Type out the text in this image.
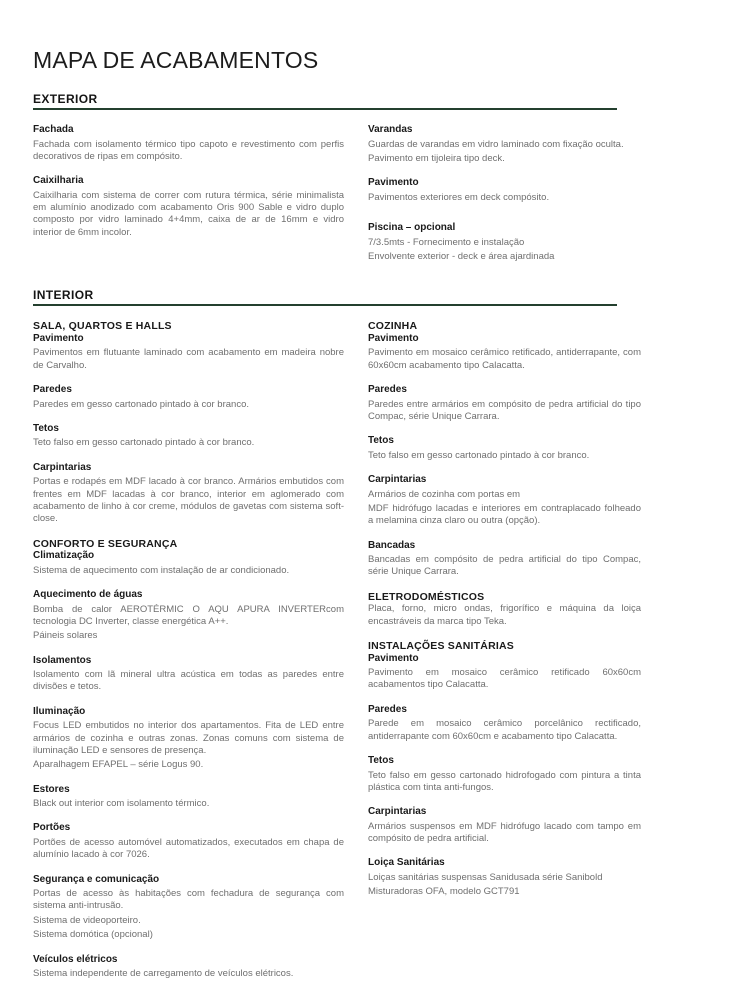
MAPA DE ACABAMENTOS
EXTERIOR
Fachada

Fachada com isolamento térmico tipo capoto e revestimento com perfis decorativos de ripas em compósito.

Caixilharia

Caixilharia com sistema de correr com rutura térmica, série minimalista em alumínio anodizado com acabamento Oris 900 Sable e vidro duplo composto por vidro laminado 4+4mm, caixa de ar de 16mm e vidro interior de 6mm incolor.

Varandas

Guardas de varandas em vidro laminado com fixação oculta.

Pavimento em tijoleira tipo deck.

Pavimento

Pavimentos exteriores em deck compósito.

Piscina – opcional

7/3.5mts - Fornecimento e instalação

Envolvente exterior - deck e área ajardinada

INTERIOR
SALA, QUARTOS E HALLS
Pavimento

Pavimentos em flutuante laminado com acabamento em madeira nobre de Carvalho.

Paredes

Paredes em gesso cartonado pintado à cor branco.

Tetos

Teto falso em gesso cartonado pintado à cor branco.

Carpintarias

Portas e rodapés em MDF lacado à cor branco. Armários embutidos com frentes em MDF lacadas à cor branco, interior em aglomerado com acabamento de linho à cor creme, módulos de gavetas com sistema soft-close.

CONFORTO E SEGURANÇA
Climatização

Sistema de aquecimento com instalação de ar condicionado.

Aquecimento de águas

Bomba de calor AEROTÉRMIC O AQU APURA INVERTERcom tecnologia DC Inverter, classe energética A++.

Páineis solares

Isolamentos

Isolamento com lã mineral ultra acústica em todas as paredes entre divisões e tetos.

Iluminação

Focus LED embutidos no interior dos apartamentos. Fita de LED entre armários de cozinha e outras zonas. Zonas comuns com sistema de iluminação LED e sensores de presença.

Aparalhagem EFAPEL – série Logus 90.

Estores

Black out interior com isolamento térmico.

Portões

Portões de acesso automóvel automatizados, executados em chapa de alumínio lacado à cor 7026.

Segurança e comunicação

Portas de acesso às habitações com fechadura de segurança com sistema anti-intrusão.

Sistema de videoporteiro.

Sistema domótica (opcional)

Veículos elétricos

Sistema independente de carregamento de veículos elétricos.

COZINHA
Pavimento

Pavimento em mosaico cerâmico retificado, antiderrapante, com 60x60cm acabamento tipo Calacatta.

Paredes

Paredes entre armários em compósito de pedra artificial do tipo Compac, série Unique Carrara.

Tetos

Teto falso em gesso cartonado pintado à cor branco.

Carpintarias

Armários de cozinha com portas em

MDF hidrófugo lacadas e interiores em contraplacado folheado a melamina cinza claro ou outra (opção).

Bancadas

Bancadas em compósito de pedra artificial do tipo Compac, série Unique Carrara.

ELETRODOMÉSTICOS

Placa, forno, micro ondas, frigorífico e máquina da loiça encastráveis da marca tipo Teka.

INSTALAÇÕES SANITÁRIAS
Pavimento

Pavimento em mosaico cerâmico retificado 60x60cm acabamentos tipo Calacatta.

Paredes

Parede em mosaico cerâmico porcelânico rectificado, antiderrapante com 60x60cm e acabamento tipo Calacatta.

Tetos

Teto falso em gesso cartonado hidrofogado com pintura a tinta plástica com tinta anti-fungos.

Carpintarias

Armários suspensos em MDF hidrófugo lacado com tampo em compósito de pedra artificial.

Loiça Sanitárias

Loiças sanitárias suspensas Sanidusada série Sanibold

Misturadoras OFA, modelo GCT791
